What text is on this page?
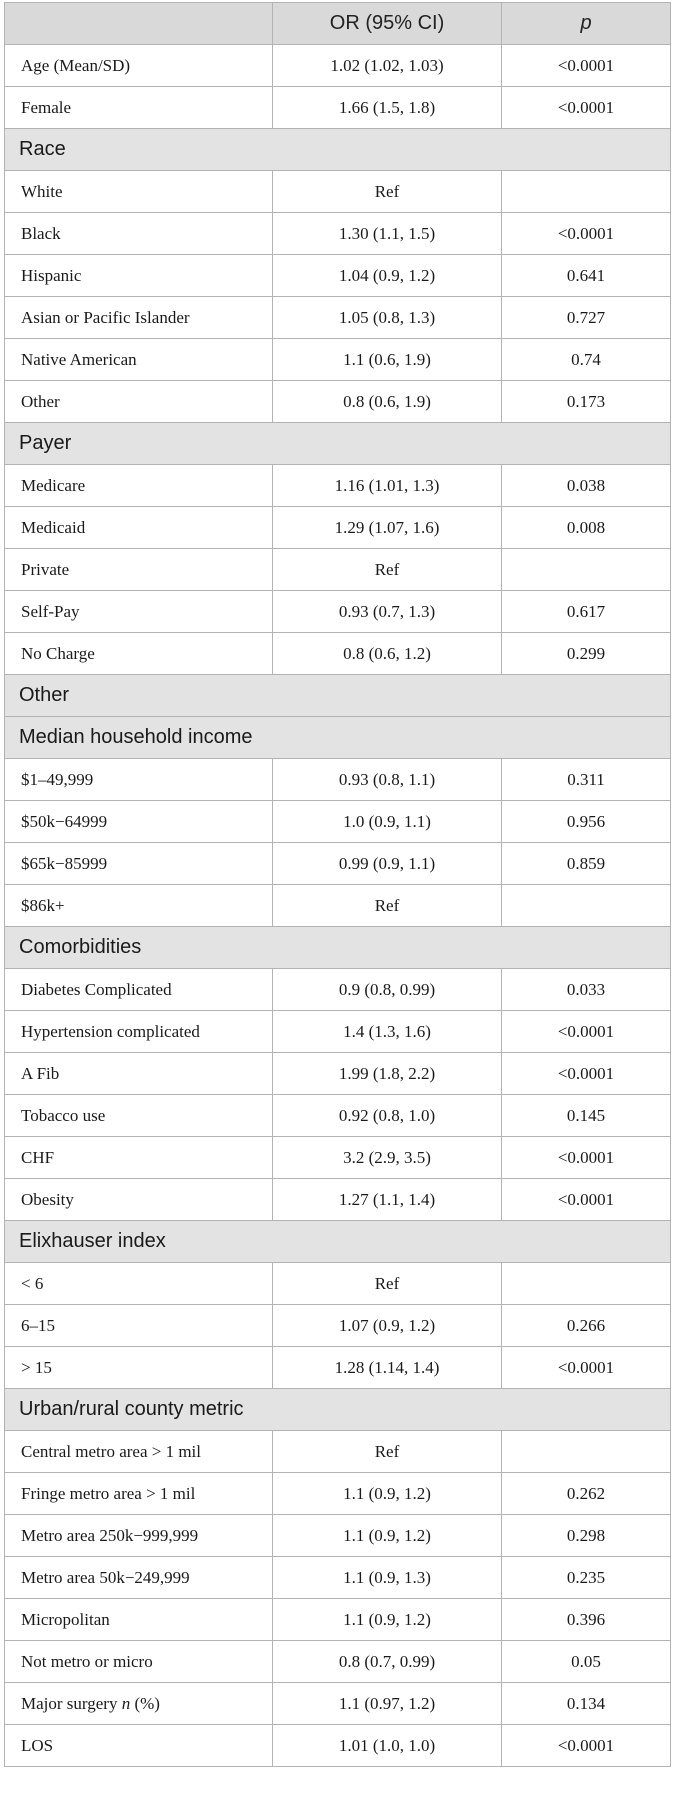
	OR (95% CI)	p
Age (Mean/SD)	1.02 (1.02, 1.03)	<0.0001
Female	1.66 (1.5, 1.8)	<0.0001
Race		
White	Ref	
Black	1.30 (1.1, 1.5)	<0.0001
Hispanic	1.04 (0.9, 1.2)	0.641
Asian or Pacific Islander	1.05 (0.8, 1.3)	0.727
Native American	1.1 (0.6, 1.9)	0.74
Other	0.8 (0.6, 1.9)	0.173
Payer		
Medicare	1.16 (1.01, 1.3)	0.038
Medicaid	1.29 (1.07, 1.6)	0.008
Private	Ref	
Self-Pay	0.93 (0.7, 1.3)	0.617
No Charge	0.8 (0.6, 1.2)	0.299
Other		
Median household income		
$1–49,999	0.93 (0.8, 1.1)	0.311
$50k−64999	1.0 (0.9, 1.1)	0.956
$65k−85999	0.99 (0.9, 1.1)	0.859
$86k+	Ref	
Comorbidities		
Diabetes Complicated	0.9 (0.8, 0.99)	0.033
Hypertension complicated	1.4 (1.3, 1.6)	<0.0001
A Fib	1.99 (1.8, 2.2)	<0.0001
Tobacco use	0.92 (0.8, 1.0)	0.145
CHF	3.2 (2.9, 3.5)	<0.0001
Obesity	1.27 (1.1, 1.4)	<0.0001
Elixhauser index		
< 6	Ref	
6–15	1.07 (0.9, 1.2)	0.266
> 15	1.28 (1.14, 1.4)	<0.0001
Urban/rural county metric		
Central metro area > 1 mil	Ref	
Fringe metro area > 1 mil	1.1 (0.9, 1.2)	0.262
Metro area 250k−999,999	1.1 (0.9, 1.2)	0.298
Metro area 50k−249,999	1.1 (0.9, 1.3)	0.235
Micropolitan	1.1 (0.9, 1.2)	0.396
Not metro or micro	0.8 (0.7, 0.99)	0.05
Major surgery n (%)	1.1 (0.97, 1.2)	0.134
LOS	1.01 (1.0, 1.0)	<0.0001
